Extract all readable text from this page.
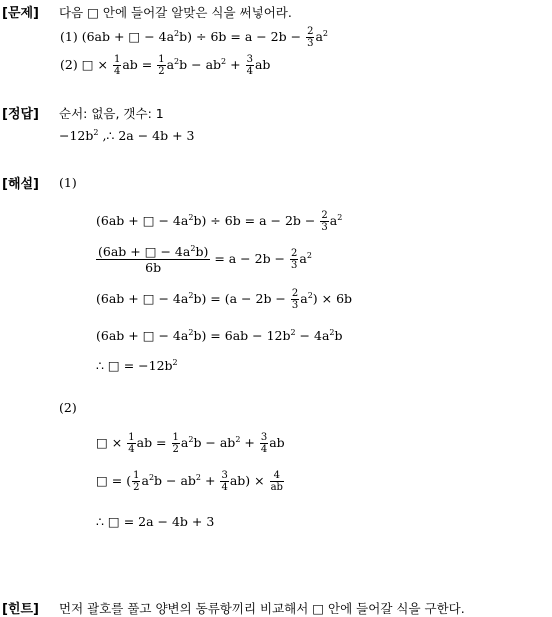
[문제] 다음 □ 안에 들어갈 알맞은 식을 써넣어라.
(1) (6ab + □ − $4a^2b) \div 6b = a - 2b - \frac{2}{3} a^2$
(2) □ × $\frac{1}{4}$ ab = $\frac{1}{2} a^2b - ab^2 + \frac{3}{4}$ ab
[정답] 순서: 없음, 갯수: 1
$-12b^2$ ,∴ 2a − 4b + 3
[해설] (1)
(6ab + □ − $4a^2b) \div 6b = a - 2b - \frac{2}{3} a^2$
$\frac{(6ab + □ - 4a^2b)}{6b} = a - 2b - \frac{2}{3} a^2$
(6ab + □ − $4a^2b) = (a - 2b - \frac{2}{3} a^2) \times 6b$
(6ab + □ − $4a^2b) = 6ab - 12b^2 - 4a^2b$
∴ □ = $-12b^2$
(2)
□ × $\frac{1}{4}$ ab = $\frac{1}{2} a^2b - ab^2 + \frac{3}{4}$ ab
□ = ( $\frac{1}{2} a^2b - ab^2 + \frac{3}{4} ab) \times \frac{4}{ab}$
∴ □ = 2a − 4b + 3
[힌트] 먼저 괄호를 풀고 양변의 동류항끼리 비교해서 □ 안에 들어갈 식을 구한다.
